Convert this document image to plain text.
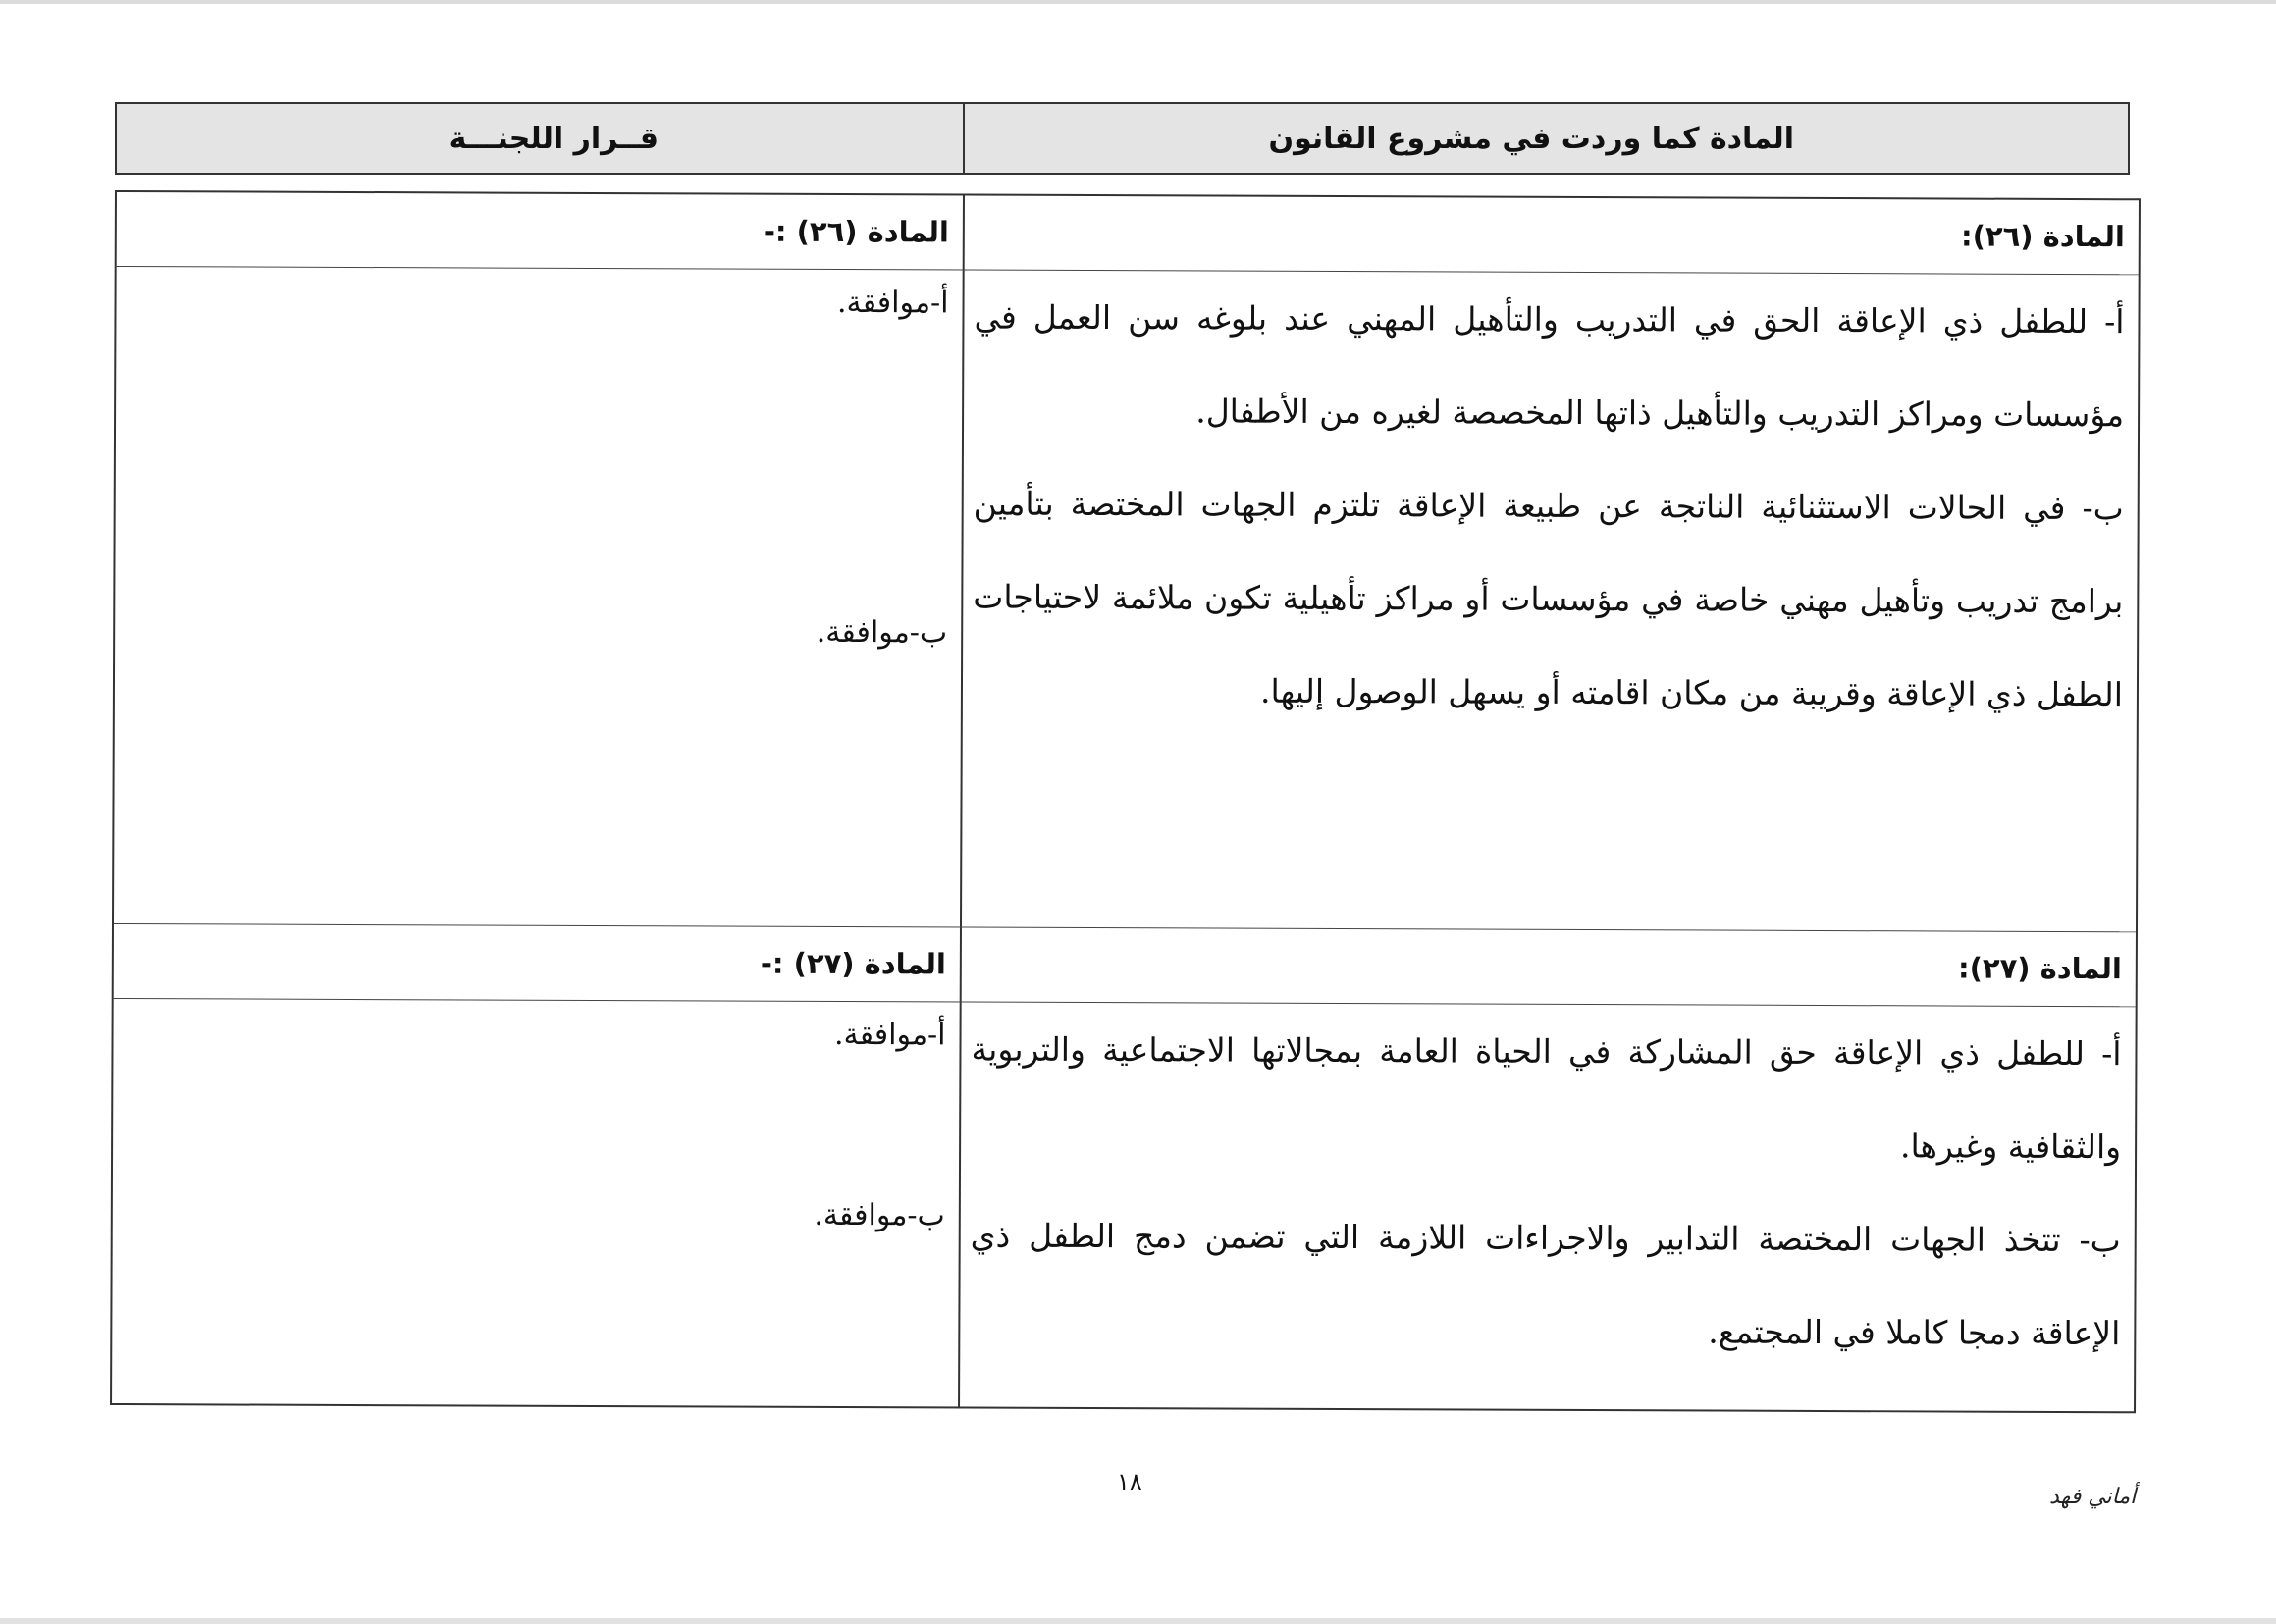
قــرار اللجنـــة	المادة كما وردت في مشروع القانون

المادة (٢٦):

المادة (٢٦) :-

أ- للطفل ذي الإعاقة الحق في التدريب والتأهيل المهني عند بلوغه سن العمل في مؤسسات ومراكز التدريب والتأهيل ذاتها المخصصة لغيره من الأطفال.

ب- في الحالات الاستثنائية الناتجة عن طبيعة الإعاقة تلتزم الجهات المختصة بتأمين برامج تدريب وتأهيل مهني خاصة في مؤسسات أو مراكز تأهيلية تكون ملائمة لاحتياجات الطفل ذي الإعاقة وقريبة من مكان اقامته أو يسهل الوصول إليها.

أ-موافقة.
ب-موافقة.

المادة (٢٧):

المادة (٢٧) :-

أ- للطفل ذي الإعاقة حق المشاركة في الحياة العامة بمجالاتها الاجتماعية والتربوية والثقافية وغيرها.

ب- تتخذ الجهات المختصة التدابير والاجراءات اللازمة التي تضمن دمج الطفل ذي الإعاقة دمجا كاملا في المجتمع.

أ-موافقة.
ب-موافقة.
١٨
أماني فهد
